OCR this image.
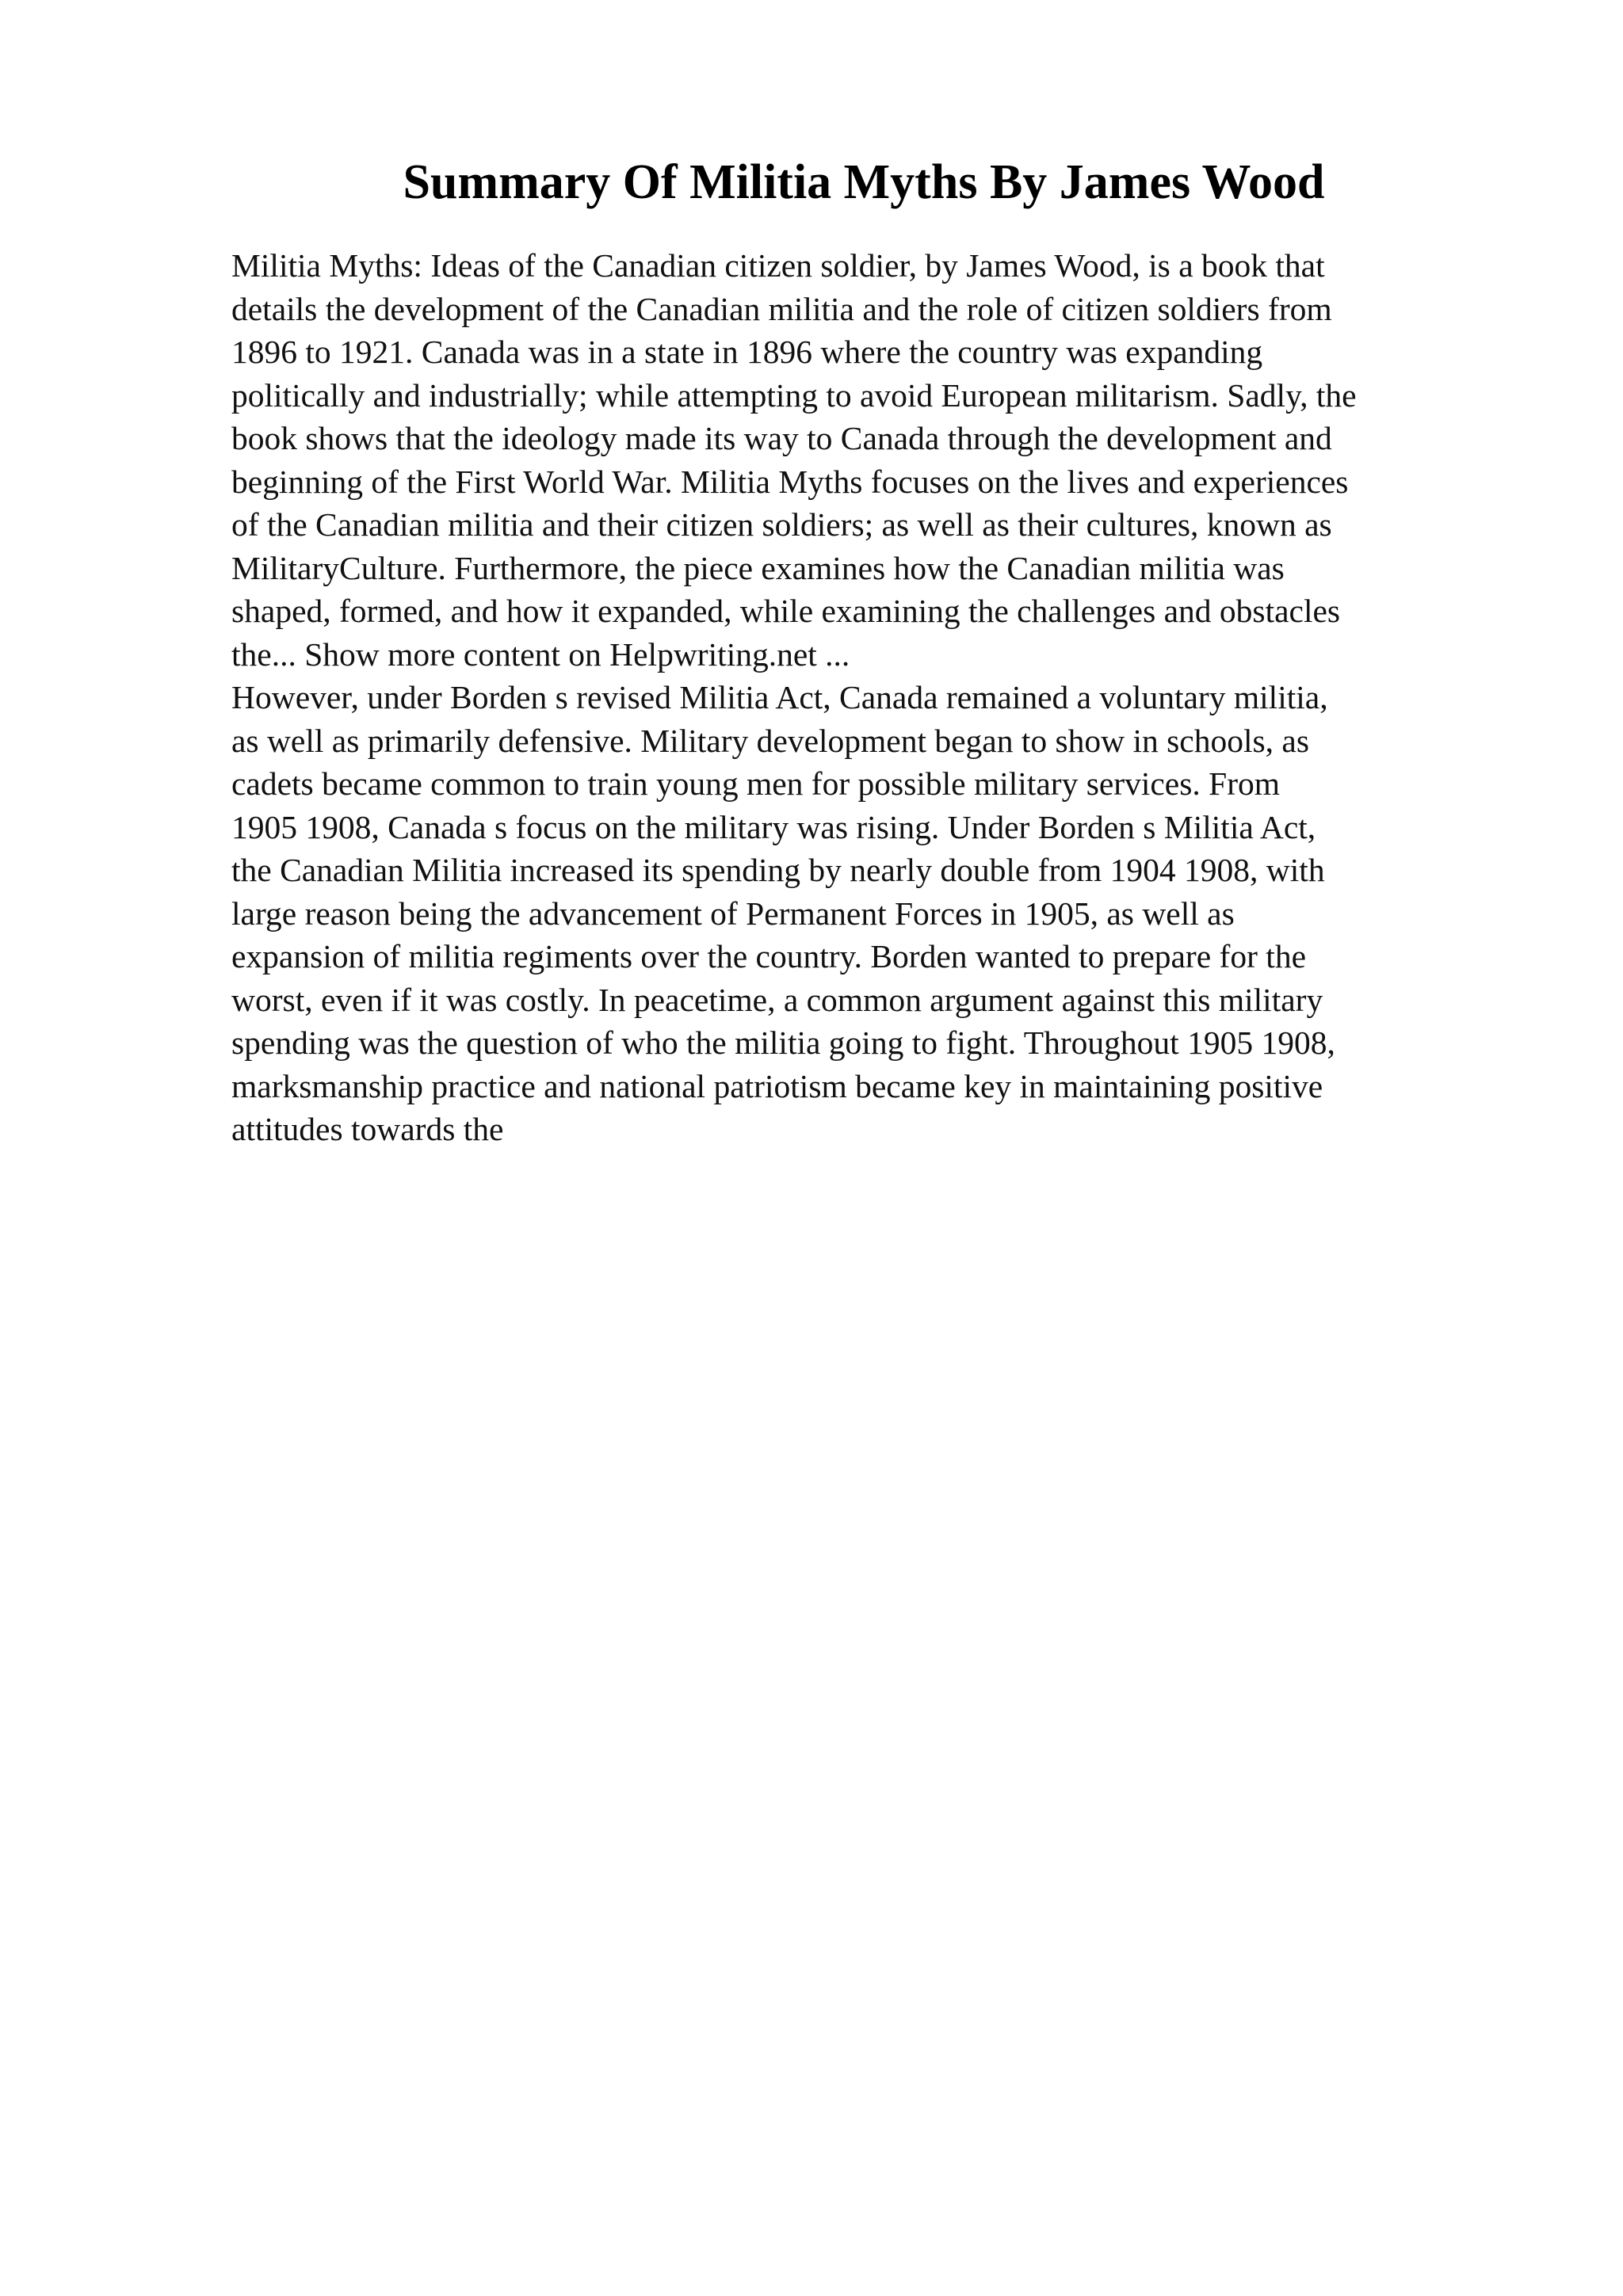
Summary Of Militia Myths By James Wood
Militia Myths: Ideas of the Canadian citizen soldier, by James Wood, is a book that
details the development of the Canadian militia and the role of citizen soldiers from
1896 to 1921. Canada was in a state in 1896 where the country was expanding
politically and industrially; while attempting to avoid European militarism. Sadly, the
book shows that the ideology made its way to Canada through the development and
beginning of the First World War. Militia Myths focuses on the lives and experiences
of the Canadian militia and their citizen soldiers; as well as their cultures, known as
MilitaryCulture. Furthermore, the piece examines how the Canadian militia was
shaped, formed, and how it expanded, while examining the challenges and obstacles
the... Show more content on Helpwriting.net ...
However, under Borden s revised Militia Act, Canada remained a voluntary militia,
as well as primarily defensive. Military development began to show in schools, as
cadets became common to train young men for possible military services. From
1905 1908, Canada s focus on the military was rising. Under Borden s Militia Act,
the Canadian Militia increased its spending by nearly double from 1904 1908, with
large reason being the advancement of Permanent Forces in 1905, as well as
expansion of militia regiments over the country. Borden wanted to prepare for the
worst, even if it was costly. In peacetime, a common argument against this military
spending was the question of who the militia going to fight. Throughout 1905 1908,
marksmanship practice and national patriotism became key in maintaining positive
attitudes towards the
